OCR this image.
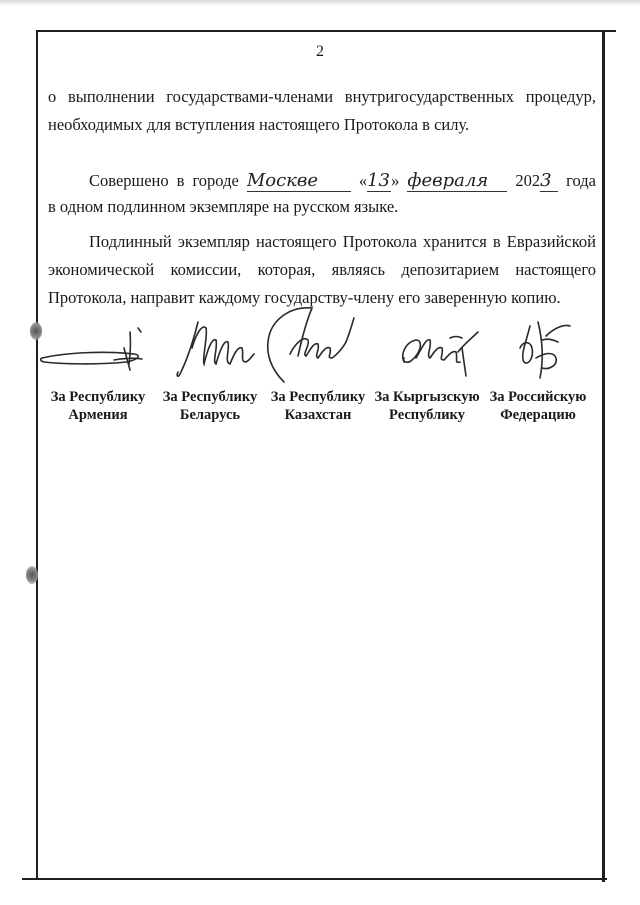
2

о выполнении государствами-членами внутригосударственных процедур, необходимых для вступления настоящего Протокола в силу.

Совершено в городе Москве «13» февраля 2023 года

в одном подлинном экземпляре на русском языке.

Подлинный экземпляр настоящего Протокола хранится в Евразийской экономической комиссии, которая, являясь депозитарием настоящего Протокола, направит каждому государству-члену его заверенную копию.

За Республику
Армения
За Республику
Беларусь
За Республику
Казахстан
За Кыргызскую
Республику
За Российскую
Федерацию
